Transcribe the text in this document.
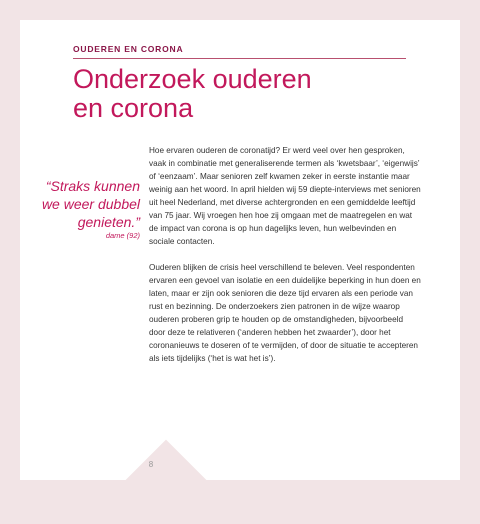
OUDEREN EN CORONA
Onderzoek ouderen
en corona
“Straks kunnen
we weer dubbel
genieten.”
dame (92)

Hoe ervaren ouderen de coronatijd? Er werd veel over hen gesproken, vaak in combinatie met generaliserende termen als ‘kwetsbaar’, ‘eigenwijs’ of ‘eenzaam’. Maar senioren zelf kwamen zeker in eerste instantie maar weinig aan het woord. In april hielden wij 59 diepte-interviews met senioren uit heel Nederland, met diverse achtergronden en een gemiddelde leeftijd van 75 jaar. Wij vroegen hen hoe zij omgaan met de maatregelen en wat de impact van corona is op hun dagelijks leven, hun welbevinden en sociale contacten.

Ouderen blijken de crisis heel verschillend te beleven. Veel respondenten ervaren een gevoel van isolatie en een duidelijke beperking in hun doen en laten, maar er zijn ook senioren die deze tijd ervaren als een periode van rust en bezinning. De onderzoekers zien patronen in de wijze waarop ouderen proberen grip te houden op de omstandigheden, bijvoorbeeld door deze te relativeren (‘anderen hebben het zwaarder’), door het coronanieuws te doseren of te vermijden, of door de situatie te accepteren als iets tijdelijks (‘het is wat het is’).

8
